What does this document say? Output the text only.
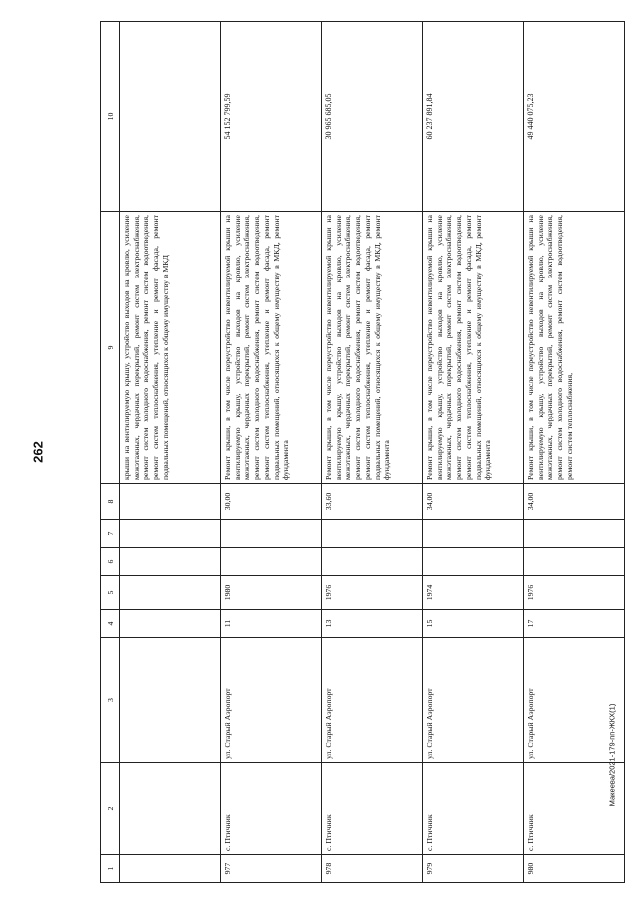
262
1	2	3	4	5	6	7	8	9	10
								крыши на вентилируемую крышу, устройство выходов на кровлю, усиление межэтажных, чердачных перекрытий, ремонт систем электроснабжения, ремонт систем холодного водоснабжения, ремонт систем водоотведения, ремонт систем теплоснабжения, утепление и ремонт фасада, ремонт подвальных помещений, относящихся к общему имуществу в МКД	
977	с. Птичник	ул. Старый Аэропорт	11	1980			30,00	Ремонт крыши, в том числе переустройство невентилируемой крыши на вентилируемую крышу, устройство выходов на кровлю, усиление межэтажных, чердачных перекрытий, ремонт систем электроснабжения, ремонт систем холодного водоснабжения, ремонт систем водоотведения, ремонт систем теплоснабжения, утепление и ремонт фасада, ремонт подвальных помещений, относящихся к общему имуществу в МКД, ремонт фундамента	54 152 799,59
978	с. Птичник	ул. Старый Аэропорт	13	1976			33,60	Ремонт крыши, в том числе переустройство невентилируемой крыши на вентилируемую крышу, устройство выходов на кровлю, усиление межэтажных, чердачных перекрытий, ремонт систем электроснабжения, ремонт систем холодного водоснабжения, ремонт систем водоотведения, ремонт систем теплоснабжения, утепление и ремонт фасада, ремонт подвальных помещений, относящихся к общему имуществу в МКД, ремонт фундамента	30 965 685,05
979	с. Птичник	ул. Старый Аэропорт	15	1974			34,00	Ремонт крыши, в том числе переустройство невентилируемой крыши на вентилируемую крышу, устройство выходов на кровлю, усиление межэтажных, чердачных перекрытий, ремонт систем электроснабжения, ремонт систем холодного водоснабжения, ремонт систем водоотведения, ремонт систем теплоснабжения, утепление и ремонт фасада, ремонт подвальных помещений, относящихся к общему имуществу в МКД, ремонт фундамента	60 237 891,84
980	с. Птичник	ул. Старый Аэропорт	17	1976			34,00	Ремонт крыши, в том числе переустройство невентилируемой крыши на вентилируемую крышу, устройство выходов на кровлю, усиление межэтажных, чердачных перекрытий, ремонт систем электроснабжения, ремонт систем холодного водоснабжения, ремонт систем водоотведения, ремонт систем теплоснабжения,	49 440 075,23
Макеева/2021-179-пп-ЖКХ(1)
